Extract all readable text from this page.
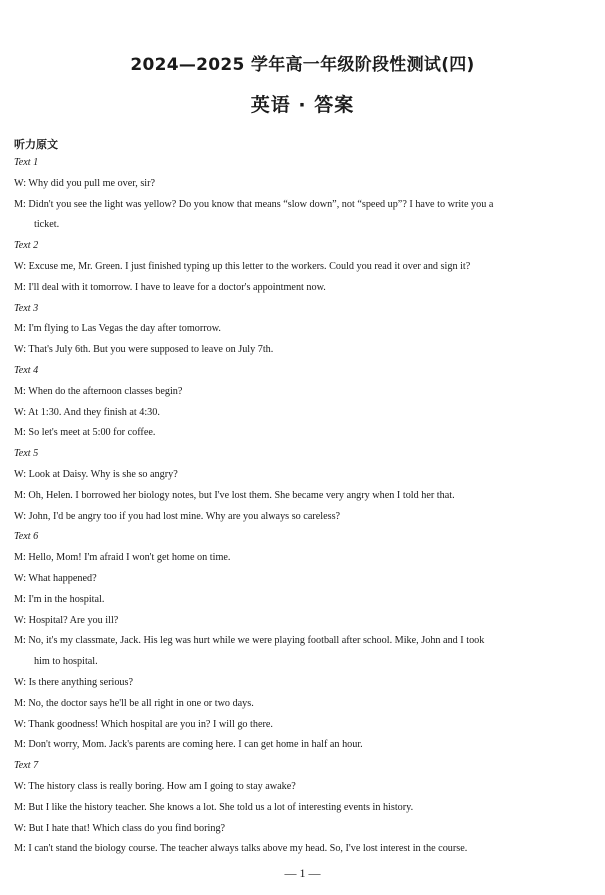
2024—2025 学年高一年级阶段性测试(四)
英语 · 答案
听力原文
Text 1
W: Why did you pull me over, sir?
M: Didn't you see the light was yellow? Do you know that means “slow down”, not “speed up”? I have to write you a
ticket.
Text 2
W: Excuse me, Mr. Green. I just finished typing up this letter to the workers. Could you read it over and sign it?
M: I'll deal with it tomorrow. I have to leave for a doctor's appointment now.
Text 3
M: I'm flying to Las Vegas the day after tomorrow.
W: That's July 6th. But you were supposed to leave on July 7th.
Text 4
M: When do the afternoon classes begin?
W: At 1:30. And they finish at 4:30.
M: So let's meet at 5:00 for coffee.
Text 5
W: Look at Daisy. Why is she so angry?
M: Oh, Helen. I borrowed her biology notes, but I've lost them. She became very angry when I told her that.
W: John, I'd be angry too if you had lost mine. Why are you always so careless?
Text 6
M: Hello, Mom! I'm afraid I won't get home on time.
W: What happened?
M: I'm in the hospital.
W: Hospital? Are you ill?
M: No, it's my classmate, Jack. His leg was hurt while we were playing football after school. Mike, John and I took
him to hospital.
W: Is there anything serious?
M: No, the doctor says he'll be all right in one or two days.
W: Thank goodness! Which hospital are you in? I will go there.
M: Don't worry, Mom. Jack's parents are coming here. I can get home in half an hour.
Text 7
W: The history class is really boring. How am I going to stay awake?
M: But I like the history teacher. She knows a lot. She told us a lot of interesting events in history.
W: But I hate that! Which class do you find boring?
M: I can't stand the biology course. The teacher always talks above my head. So, I've lost interest in the course.
— 1 —
